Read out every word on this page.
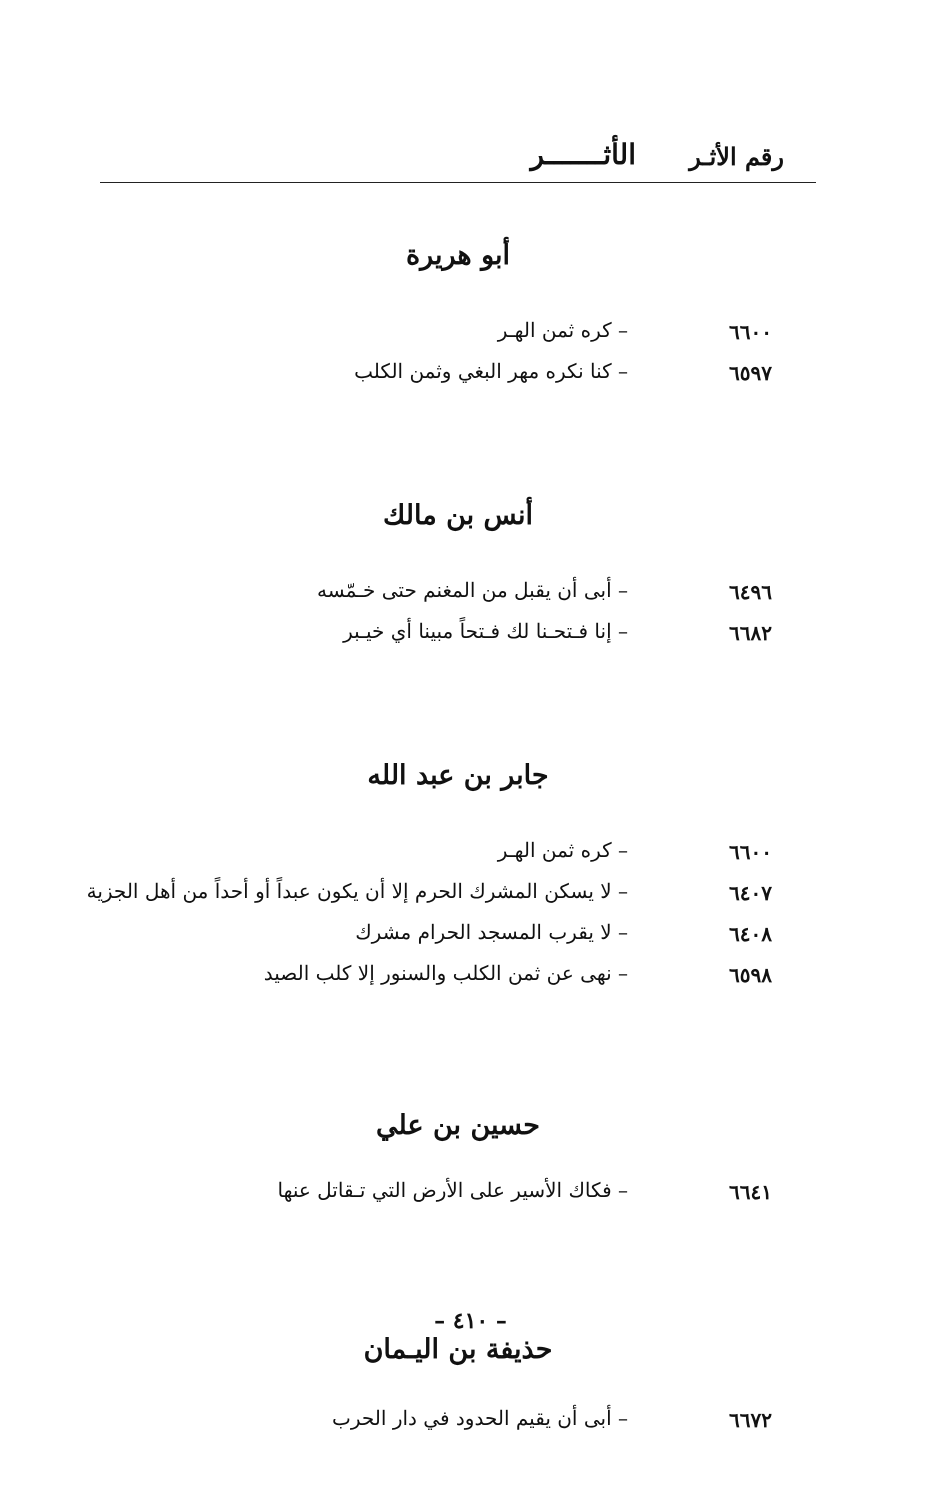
رقم الأثـر
الأثـــــــر
أبو هريرة
٦٦٠٠
– كره ثمن الهـر
٦٥٩٧
– كنا نكره مهر البغي وثمن الكلب
أنس بن مالك
٦٤٩٦
– أبى أن يقبل من المغنم حتى خـمّسه
٦٦٨٢
– إنا فـتحـنا لك فـتحاً مبينا أي خيـبر
جابر بن عبد الله
٦٦٠٠
– كره ثمن الهـر
٦٤٠٧
– لا يسكن المشرك الحرم إلا أن يكون عبداً أو أحداً من أهل الجزية
٦٤٠٨
– لا يقرب المسجد الحرام مشرك
٦٥٩٨
– نهى عن ثمن الكلب والسنور إلا كلب الصيد
حسين بن علي
٦٦٤١
– فكاك الأسير على الأرض التي تـقاتل عنها
حذيفة بن اليـمان
٦٦٧٢
– أبى أن يقيم الحدود في دار الحرب
– ٤١٠ –
